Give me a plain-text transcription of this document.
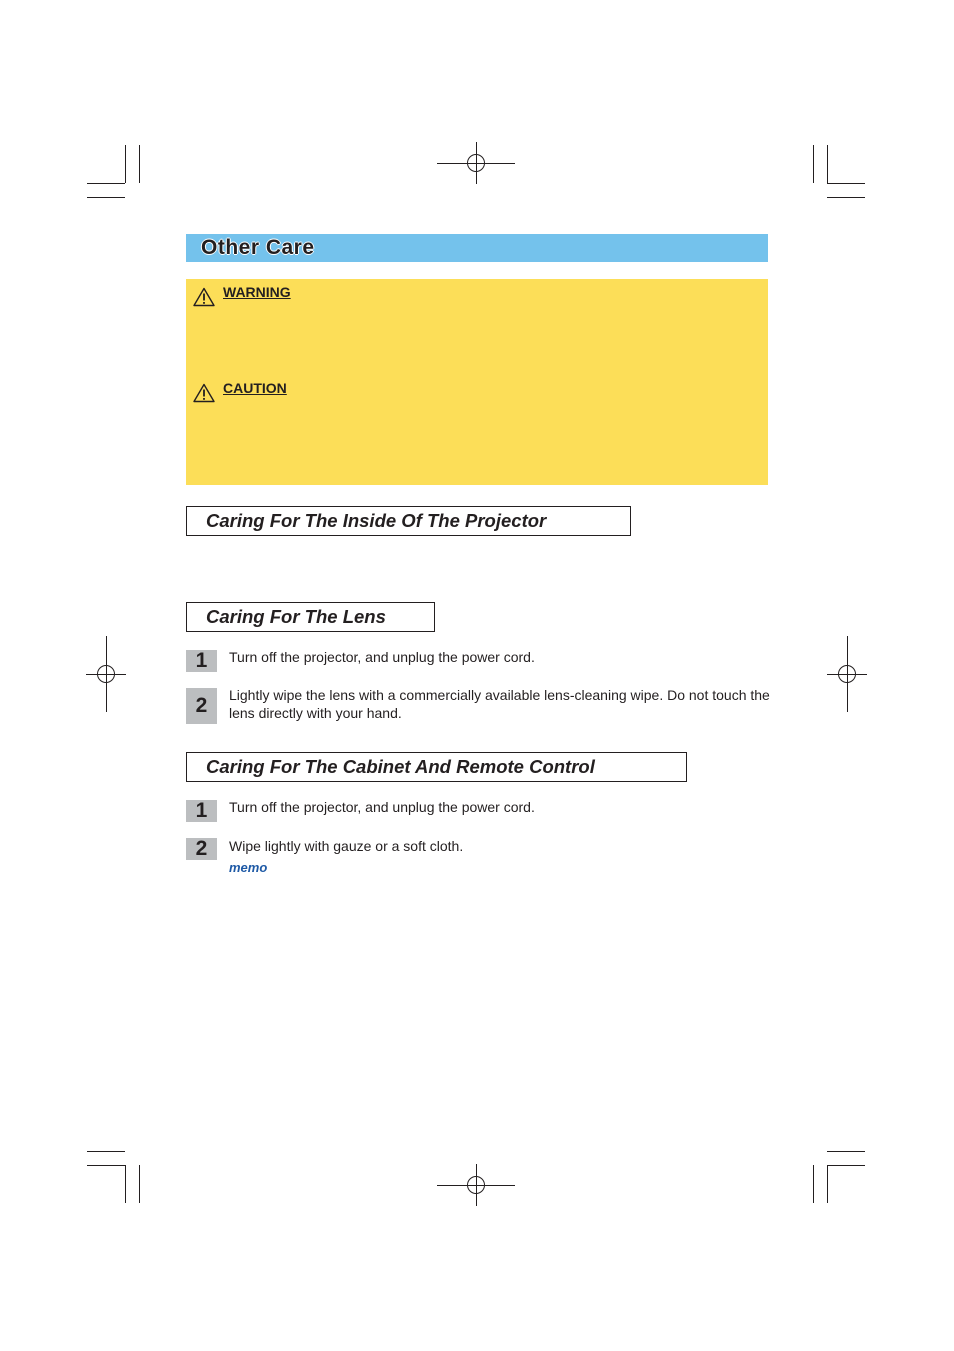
Other Care
WARNING
CAUTION
Caring For The Inside Of The Projector
Caring For The Lens
1	Turn off the projector, and unplug the power cord.
2	Lightly wipe the lens with a commercially available lens-cleaning wipe. Do not touch the lens directly with your hand.
Caring For The Cabinet And Remote Control
1	Turn off the projector, and unplug the power cord.
2	Wipe lightly with gauze or a soft cloth.
memo
